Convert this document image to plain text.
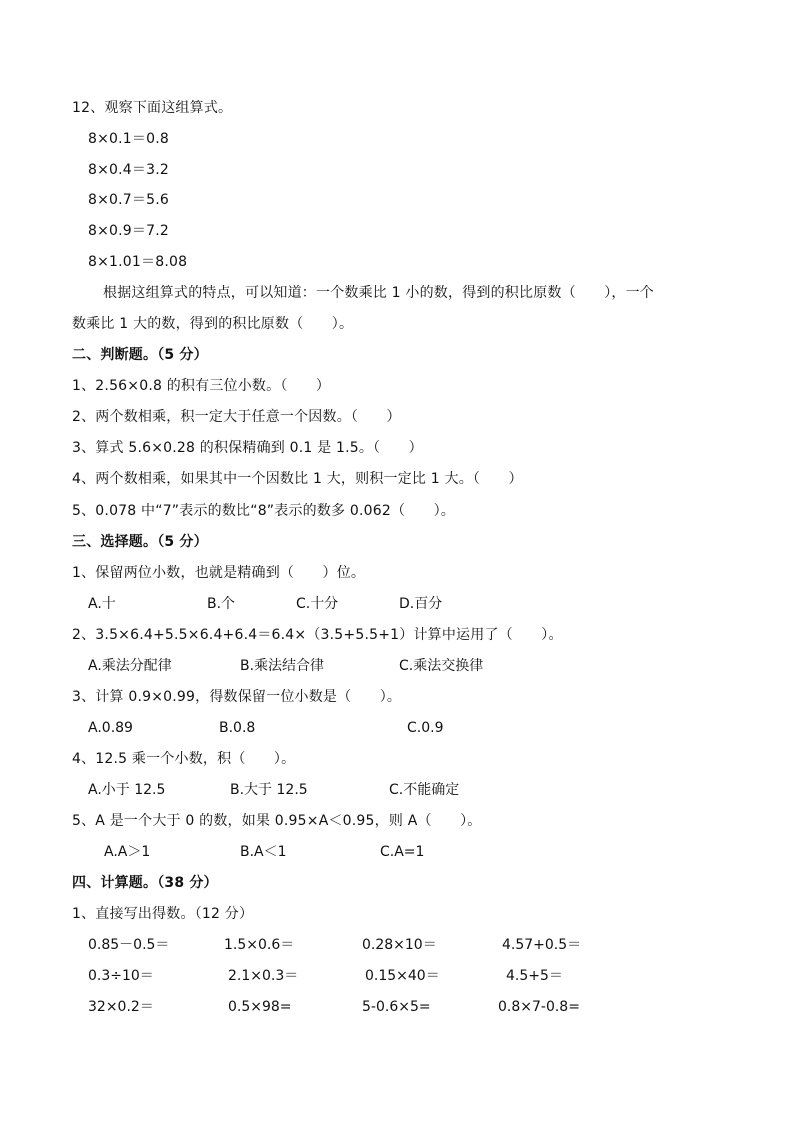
12、观察下面这组算式。
8×0.1＝0.8
8×0.4＝3.2
8×0.7＝5.6
8×0.9＝7.2
8×1.01＝8.08
根据这组算式的特点，可以知道：一个数乘比 1 小的数，得到的积比原数（　　），一个
数乘比 1 大的数，得到的积比原数（　　）。
二、判断题。（5 分）
1、2.56×0.8 的积有三位小数。（　　）
2、两个数相乘，积一定大于任意一个因数。（　　）
3、算式 5.6×0.28 的积保精确到 0.1 是 1.5。（　　）
4、两个数相乘，如果其中一个因数比 1 大，则积一定比 1 大。（　　）
5、0.078 中“7”表示的数比“8”表示的数多 0.062（　　）。
三、选择题。（5 分）
1、保留两位小数，也就是精确到（　　）位。
A.十	B.个	C.十分	D.百分
2、3.5×6.4+5.5×6.4+6.4＝6.4×（3.5+5.5+1）计算中运用了（　　）。
A.乘法分配律	B.乘法结合律	C.乘法交换律
3、计算 0.9×0.99，得数保留一位小数是（　　）。
A.0.89	B.0.8	C.0.9
4、12.5 乘一个小数，积（　　）。
A.小于 12.5	B.大于 12.5	C.不能确定
5、A 是一个大于 0 的数，如果 0.95×A＜0.95，则 A（　　）。
A.A＞1	B.A＜1	C.A=1
四、计算题。（38 分）
1、直接写出得数。（12 分）
0.85－0.5＝	1.5×0.6＝	0.28×10＝	4.57+0.5＝
0.3÷10＝	2.1×0.3＝	0.15×40＝	4.5+5＝
32×0.2＝	0.5×98=	5-0.6×5=	0.8×7-0.8=
